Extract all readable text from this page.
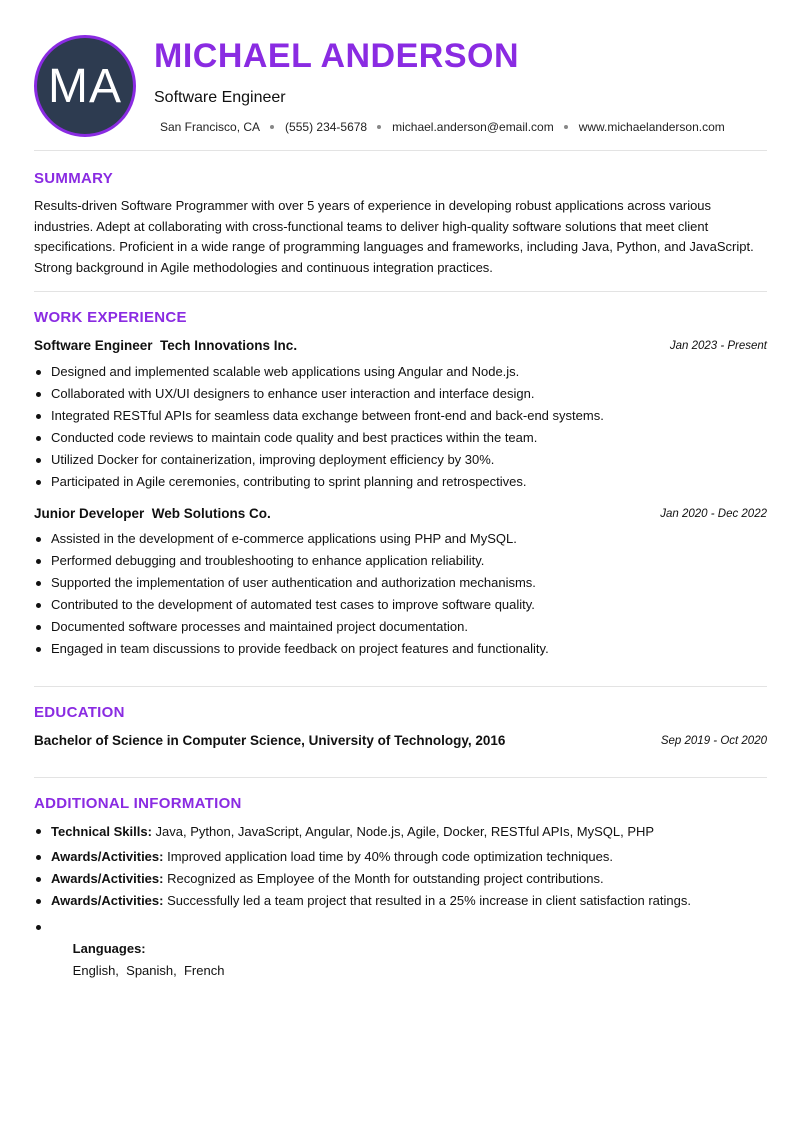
MA
MICHAEL ANDERSON
Software Engineer
San Francisco, CA (555) 234-5678 michael.anderson@email.com www.michaelanderson.com
SUMMARY

Results-driven Software Programmer with over 5 years of experience in developing robust applications across various industries. Adept at collaborating with cross-functional teams to deliver high-quality software solutions that meet client specifications. Proficient in a wide range of programming languages and frameworks, including Java, Python, and JavaScript. Strong background in Agile methodologies and continuous integration practices.

WORK EXPERIENCE
Software Engineer Tech Innovations Inc.	Jan 2023 - Present
Designed and implemented scalable web applications using Angular and Node.js.
Collaborated with UX/UI designers to enhance user interaction and interface design.
Integrated RESTful APIs for seamless data exchange between front-end and back-end systems.
Conducted code reviews to maintain code quality and best practices within the team.
Utilized Docker for containerization, improving deployment efficiency by 30%.
Participated in Agile ceremonies, contributing to sprint planning and retrospectives.
Junior Developer Web Solutions Co.	Jan 2020 - Dec 2022
Assisted in the development of e-commerce applications using PHP and MySQL.
Performed debugging and troubleshooting to enhance application reliability.
Supported the implementation of user authentication and authorization mechanisms.
Contributed to the development of automated test cases to improve software quality.
Documented software processes and maintained project documentation.
Engaged in team discussions to provide feedback on project features and functionality.
EDUCATION
Bachelor of Science in Computer Science, University of Technology, 2016	Sep 2019 - Oct 2020
ADDITIONAL INFORMATION
Technical Skills: Java, Python, JavaScript, Angular, Node.js, Agile, Docker, RESTful APIs, MySQL, PHP
Awards/Activities: Improved application load time by 40% through code optimization techniques.
Awards/Activities: Recognized as Employee of the Month for outstanding project contributions.
Awards/Activities: Successfully led a team project that resulted in a 25% increase in client satisfaction ratings.

Languages:
English,  Spanish,  French
